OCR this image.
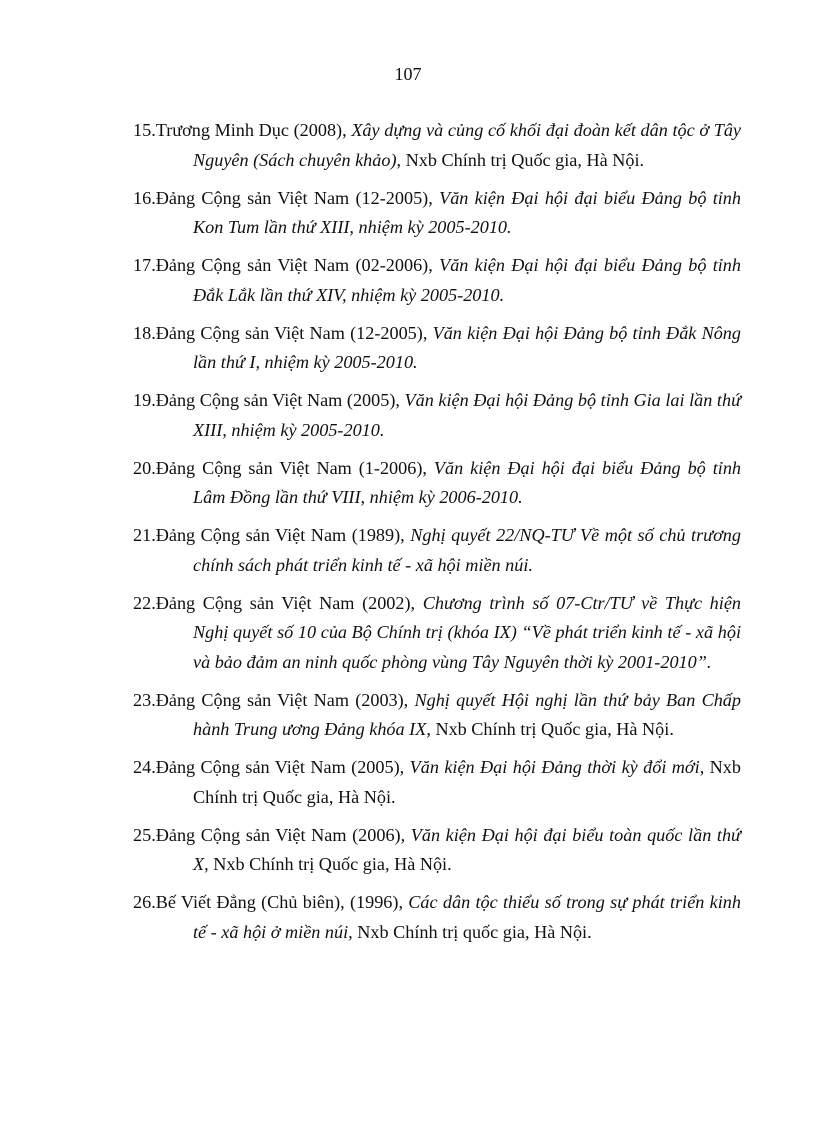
107

15.Trương Minh Dục (2008), Xây dựng và củng cố khối đại đoàn kết dân tộc ở Tây Nguyên (Sách chuyên khảo), Nxb Chính trị Quốc gia, Hà Nội.
16.Đảng Cộng sản Việt Nam (12-2005), Văn kiện Đại hội đại biểu Đảng bộ tỉnh Kon Tum lần thứ XIII, nhiệm kỳ 2005-2010.
17.Đảng Cộng sản Việt Nam (02-2006), Văn kiện Đại hội đại biểu Đảng bộ tỉnh Đắk Lắk lần thứ XIV, nhiệm kỳ 2005-2010.
18.Đảng Cộng sản Việt Nam (12-2005), Văn kiện Đại hội Đảng bộ tỉnh Đắk Nông lần thứ I, nhiệm kỳ 2005-2010.
19.Đảng Cộng sản Việt Nam (2005), Văn kiện Đại hội Đảng bộ tỉnh Gia lai lần thứ XIII, nhiệm kỳ 2005-2010.
20.Đảng Cộng sản Việt Nam (1-2006), Văn kiện Đại hội đại biểu Đảng bộ tỉnh Lâm Đồng lần thứ VIII, nhiệm kỳ 2006-2010.
21.Đảng Cộng sản Việt Nam (1989), Nghị quyết 22/NQ-TƯ Về một số chủ trương chính sách phát triển kinh tế - xã hội miền núi.
22.Đảng Cộng sản Việt Nam (2002), Chương trình số 07-Ctr/TƯ về Thực hiện Nghị quyết số 10 của Bộ Chính trị (khóa IX) “Về phát triển kinh tế - xã hội và bảo đảm an ninh quốc phòng vùng Tây Nguyên thời kỳ 2001-2010”.
23.Đảng Cộng sản Việt Nam (2003), Nghị quyết Hội nghị lần thứ bảy Ban Chấp hành Trung ương Đảng khóa IX, Nxb Chính trị Quốc gia, Hà Nội.
24.Đảng Cộng sản Việt Nam (2005), Văn kiện Đại hội Đảng thời kỳ đổi mới, Nxb Chính trị Quốc gia, Hà Nội.
25.Đảng Cộng sản Việt Nam (2006), Văn kiện Đại hội đại biểu toàn quốc lần thứ X, Nxb Chính trị Quốc gia, Hà Nội.
26.Bế Viết Đẳng (Chủ biên), (1996), Các dân tộc thiểu số trong sự phát triển kinh tế - xã hội ở miền núi, Nxb Chính trị quốc gia, Hà Nội.
